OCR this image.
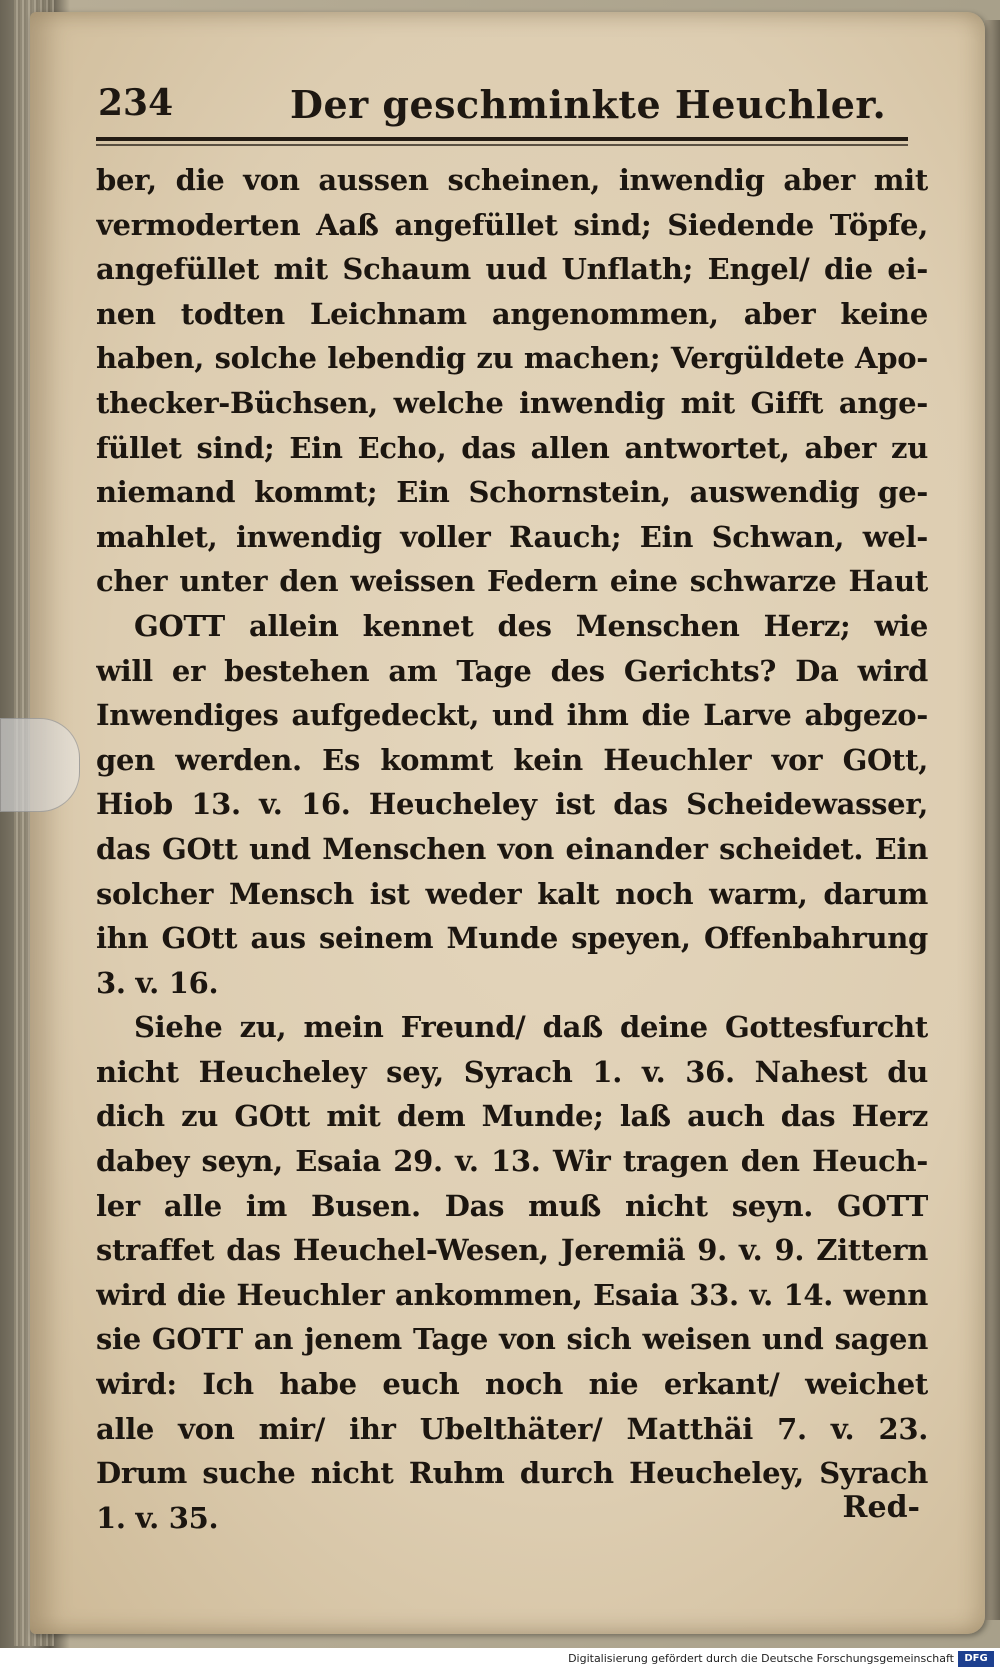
234	Der geschminkte Heuchler.
ber, die von aussen scheinen, inwendig aber mit
vermoderten Aaß angefüllet sind; Siedende Töpfe,
angefüllet mit Schaum uud Unflath; Engel/ die ei-
nen todten Leichnam angenommen, aber keine
haben, solche lebendig zu machen; Vergüldete Apo-
thecker-Büchsen, welche inwendig mit Gifft ange-
füllet sind; Ein Echo, das allen antwortet, aber zu
niemand kommt; Ein Schornstein, auswendig ge-
mahlet, inwendig voller Rauch; Ein Schwan, wel-
cher unter den weissen Federn eine schwarze Haut
GOTT allein kennet des Menschen Herz; wie
will er bestehen am Tage des Gerichts? Da wird
Inwendiges aufgedeckt, und ihm die Larve abgezo-
gen werden. Es kommt kein Heuchler vor GOtt,
Hiob 13. v. 16. Heucheley ist das Scheidewasser,
das GOtt und Menschen von einander scheidet. Ein
solcher Mensch ist weder kalt noch warm, darum
ihn GOtt aus seinem Munde speyen, Offenbahrung
3. v. 16.
Siehe zu, mein Freund/ daß deine Gottesfurcht
nicht Heucheley sey, Syrach 1. v. 36. Nahest du
dich zu GOtt mit dem Munde; laß auch das Herz
dabey seyn, Esaia 29. v. 13. Wir tragen den Heuch-
ler alle im Busen. Das muß nicht seyn. GOTT
straffet das Heuchel-Wesen, Jeremiä 9. v. 9. Zittern
wird die Heuchler ankommen, Esaia 33. v. 14. wenn
sie GOTT an jenem Tage von sich weisen und sagen
wird: Ich habe euch noch nie erkant/ weichet
alle von mir/ ihr Ubelthäter/ Matthäi 7. v. 23.
Drum suche nicht Ruhm durch Heucheley, Syrach
1. v. 35.	Red-
Digitalisierung gefördert durch die Deutsche Forschungsgemeinschaft	DFG
